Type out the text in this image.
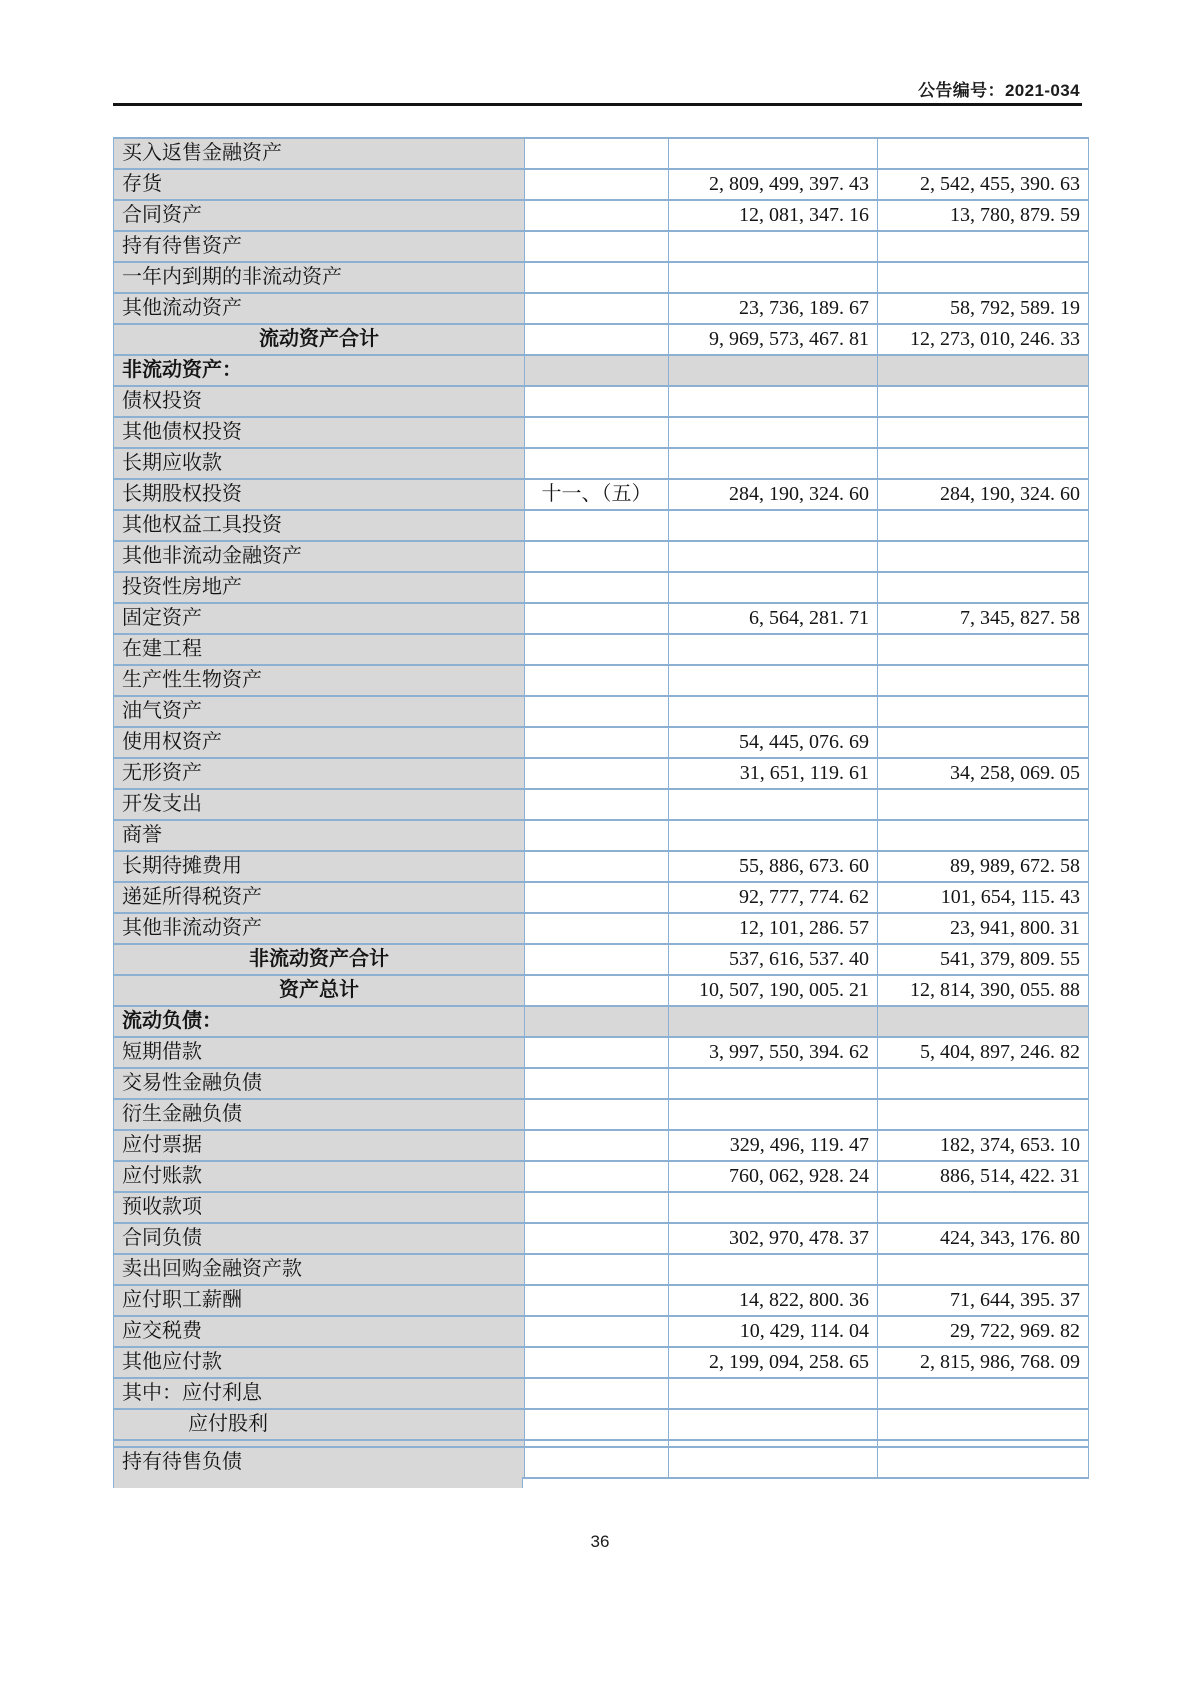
公告编号：2021-034
买入返售金融资产			
存货		2, 809, 499, 397. 43	2, 542, 455, 390. 63
合同资产		12, 081, 347. 16	13, 780, 879. 59
持有待售资产			
一年内到期的非流动资产			
其他流动资产		23, 736, 189. 67	58, 792, 589. 19
流动资产合计		9, 969, 573, 467. 81	12, 273, 010, 246. 33
非流动资产：			
债权投资			
其他债权投资			
长期应收款			
长期股权投资	十一、（五）	284, 190, 324. 60	284, 190, 324. 60
其他权益工具投资			
其他非流动金融资产			
投资性房地产			
固定资产		6, 564, 281. 71	7, 345, 827. 58
在建工程			
生产性生物资产			
油气资产			
使用权资产		54, 445, 076. 69	
无形资产		31, 651, 119. 61	34, 258, 069. 05
开发支出			
商誉			
长期待摊费用		55, 886, 673. 60	89, 989, 672. 58
递延所得税资产		92, 777, 774. 62	101, 654, 115. 43
其他非流动资产		12, 101, 286. 57	23, 941, 800. 31
非流动资产合计		537, 616, 537. 40	541, 379, 809. 55
资产总计		10, 507, 190, 005. 21	12, 814, 390, 055. 88
流动负债：			
短期借款		3, 997, 550, 394. 62	5, 404, 897, 246. 82
交易性金融负债			
衍生金融负债			
应付票据		329, 496, 119. 47	182, 374, 653. 10
应付账款		760, 062, 928. 24	886, 514, 422. 31
预收款项			
合同负债		302, 970, 478. 37	424, 343, 176. 80
卖出回购金融资产款			
应付职工薪酬		14, 822, 800. 36	71, 644, 395. 37
应交税费		10, 429, 114. 04	29, 722, 969. 82
其他应付款		2, 199, 094, 258. 65	2, 815, 986, 768. 09
其中：应付利息			
应付股利			

持有待售负债			
36
